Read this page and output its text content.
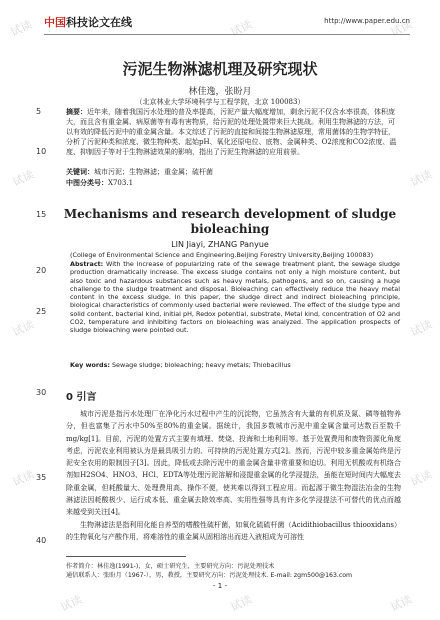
试读	试读	试读
试读	试读
试读	试读
试读	试读
试读	试读	试读
中国科技论文在线	http://www.paper.edu.cn
污泥生物淋滤机理及研究现状
林佳逸，张盼月
（北京林业大学环境科学与工程学院，北京 100083）
5
10
15
20
25
30
35
40
摘要：近年来，随着我国污水处理的普及率提高，污泥产量大幅度增加，剩余污泥不仅含水率很高，体积庞大，而且含有重金属、病原菌等有毒有害物质，给污泥的处理处置带来巨大挑战。利用生物淋滤的方法，可以有效的降低污泥中的重金属含量。本文综述了污泥的直接和间接生物淋滤原理，常用菌体的生物学特征，分析了污泥种类和浓度、微生物种类、起始pH、氧化还原电位、底物、金属种类、O2浓度和CO2浓度、温度、抑制因子等对于生物淋滤效果的影响，指出了污泥生物淋滤的应用前景。
关键词：城市污泥；生物淋滤；重金属；硫杆菌
中图分类号：X703.1
Mechanisms and research development of sludge bioleaching
LIN Jiayi, ZHANG Panyue
(College of Environmental Science and Engineering,Beijing Forestry University,Beijing 100083)
Abstract: With the increase of popularizing rate of the sewage treatment plant, the sewage sludge production dramatically increase. The excess sludge contains not only a high moisture content, but also toxic and hazardous substances such as heavy metals, pathogens, and so on, causing a huge challenge to the sludge treatment and disposal. Bioleaching can effectively reduce the heavy metal content in the excess sludge. In this paper, the sludge direct and indirect bioleaching principle, biological characteristics of commonly used bacterial were reviewed. The effect of the sludge type and solid content, bacterial kind, initial pH, Redox potential, substrate, Metal kind, concentration of O2 and CO2, temperature and inhibiting factors on bioleaching was analyzed. The application prospects of sludge bioleaching were pointed out.
Key words: Sewage sludge; bioleaching; heavy metals; Thiobacillus
0 引言

城市污泥是指污水处理厂在净化污水过程中产生的沉淀物，它虽然含有大量的有机质及氮、磷等植物养分，但也富集了污水中50%至80%的重金属。据统计，我国多数城市污泥中重金属含量可达数百至数千mg/kg[1]。目前，污泥的处置方式主要有填埋、焚烧、投海和土地利用等。基于处置费用和废物资源化角度考虑，污泥农业利用被认为是最具吸引力的、可持续的污泥处置方式[2]。然而，污泥中较多重金属始终是污泥安全农用的限制因子[3]。因此，降低或去除污泥中的重金属含量非常重要和迫切。利用无机酸或有机络合剂如H2SO4、HNO3、HCl、EDTA等处理污泥溶解和浸提重金属的化学浸提法，虽能在短时间内大幅度去除重金属，但耗酸量大、处理费用高、操作不便，使其难以得到工程应用。而起源于微生物湿法冶金的生物淋滤法因耗酸极少、运行成本低、重金属去除效率高、实用性强等具有许多化学浸提法不可替代的优点而越来越受到关注[4]。

生物淋滤法是指利用化能自养型的嗜酸性硫杆菌，如氧化硫硫杆菌（Acidithiobacillus thiooxidans）的生物氧化与产酸作用，将难溶性的重金属从固相溶出而进入液相成为可溶性

作者简介：林佳逸(1991-)，女，硕士研究生，主要研究方向：污泥处理技术
通信联系人：张盼月（1967-），男，教授，主要研究方向：污泥处理技术. E-mail: zgm500@163.com
- 1 -
